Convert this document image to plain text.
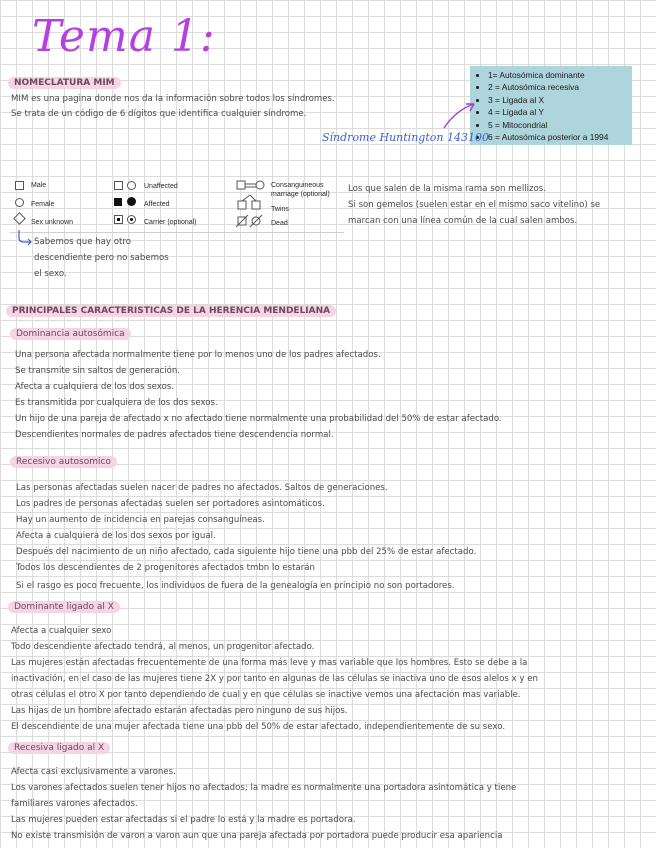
Tema 1:
NOMECLATURA MIM
MIM es una pagina donde nos da la información sobre todos los síndromes.
Se trata de un código de 6 dígitos que identifica cualquier síndrome.
• 1= Autosómica dominante
• 2 = Autosómica recesiva
• 3 = Ligada al X
• 4 = Ligada al Y
• 5 = Mitocondrial
• 6 = Autosómica posterior a 1994
Síndrome Huntington 143100
Male
Female
Sex unknown
Unaffected
Affected
Carrier (optional)
Consanguineous
marriage (optional)
Twins
Dead
Los que salen de la misma rama son mellizos.
Si son gemelos (suelen estar en el mismo saco vitelino) se
marcan con una línea común de la cual salen ambos.
Sabemos que hay otro
descendiente pero no sabemos
el sexo.
PRINCIPALES CARACTERISTICAS DE LA HERENCIA MENDELIANA
Dominancia autosómica
Una persona afectada normalmente tiene por lo menos uno de los padres afectados.
Se transmite sin saltos de generación.
Afecta a cualquiera de los dos sexos.
Es transmitida por cualquiera de los dos sexos.
Un hijo de una pareja de afectado x no afectado tiene normalmente una probabilidad del 50% de estar afectado.
Descendientes normales de padres afectados tiene descendencia normal.
Recesivo autosomico
Las personas afectadas suelen nacer de padres no afectados. Saltos de generaciones.
Los padres de personas afectadas suelen ser portadores asintomáticos.
Hay un aumento de incidencia en parejas consanguíneas.
Afecta a cualquiera de los dos sexos por igual.
Después del nacimiento de un niño afectado, cada siguiente hijo tiene una pbb del 25% de estar afectado.
Todos los descendientes de 2 progenitores afectados tmbn lo estarán
Si el rasgo es poco frecuente, los individuos de fuera de la genealogía en principio no son portadores.
Dominante ligado al X
Afecta a cualquier sexo
Todo descendiente afectado tendrá, al menos, un progenitor afectado.
Las mujeres están afectadas frecuentemente de una forma más leve y mas variable que los hombres. Esto se debe a la
inactivación, en el caso de las mujeres tiene 2X y por tanto en algunas de las células se inactiva uno de esos alelos x y en
otras células el otro X por tanto dependiendo de cual y en que células se inactive vemos una afectación mas variable.
Las hijas de un hombre afectado estarán afectadas pero ninguno de sus hijos.
El descendiente de una mujer afectada tiene una pbb del 50% de estar afectado, independientemente de su sexo.
Recesiva ligado al X
Afecta casi exclusivamente a varones.
Los varones afectados suelen tener hijos no afectados; la madre es normalmente una portadora asintomática y tiene
familiares varones afectados.
Las mujeres pueden estar afectadas si el padre lo está y la madre es portadora.
No existe transmisión de varon a varon aun que una pareja afectada por portadora puede producir esa apariencia
